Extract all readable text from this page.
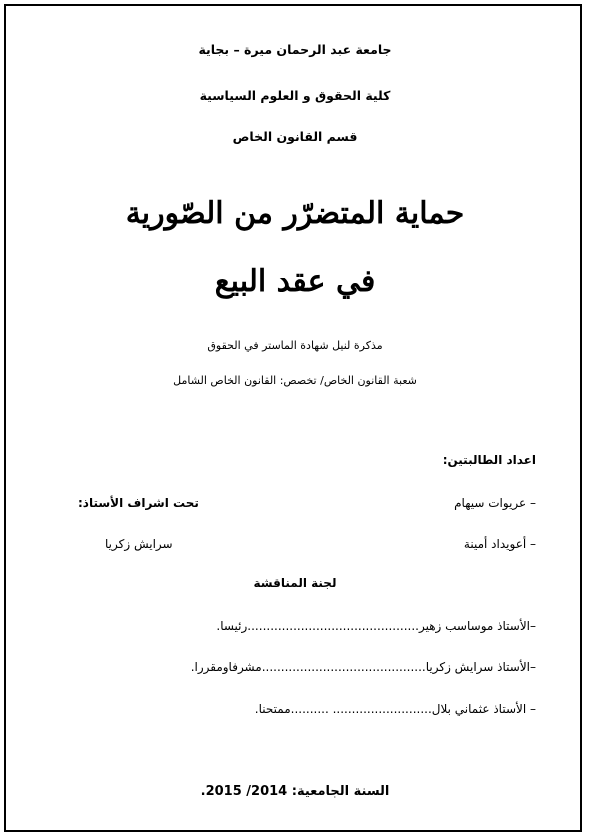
جامعة عبد الرحمان ميرة – بجاية
كلية الحقوق و العلوم السياسية
قسم القانون الخاص
حماية المتضرّر من الصّورية
في عقد البيع
مذكرة لنيل شهادة الماستر في الحقوق
شعبة القانون الخاص/ تخصص: القانون الخاص الشامل
اعداد الطالبتين:
– عريوات سيهام
– أعويداد أمينة
تحت اشراف الأستاذ:
سرايش زكريا
لجنة المناقشة
–الأستاذ موساسب زهير.............................................رئيسا.
–الأستاذ سرايش زكريا...........................................مشرفاومقررا.
– الأستاذ عثماني بلال.......................... ..........ممتحنا.
السنة الجامعية: 2014/ 2015.
